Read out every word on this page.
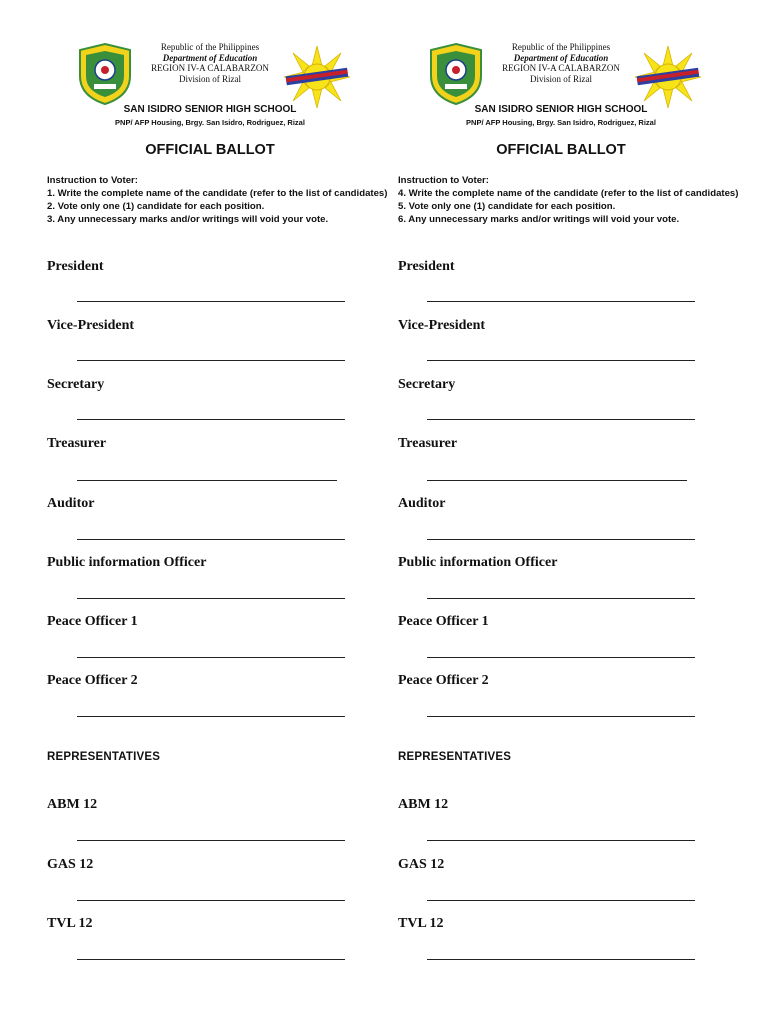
Republic of the Philippines
Department of Education
REGION IV-A CALABARZON
Division of Rizal
SAN ISIDRO SENIOR HIGH SCHOOL
PNP/ AFP Housing, Brgy. San Isidro, Rodriguez, Rizal
OFFICIAL BALLOT
Instruction to Voter:
1. Write the complete name of the candidate (refer to the list of candidates)
2. Vote only one (1) candidate for each position.
3. Any unnecessary marks and/or writings will void your vote.
President
Vice-President
Secretary
Treasurer
Auditor
Public information Officer
Peace Officer 1
Peace Officer 2
REPRESENTATIVES
ABM 12
GAS 12
TVL 12
Republic of the Philippines
Department of Education
REGION IV-A CALABARZON
Division of Rizal
SAN ISIDRO SENIOR HIGH SCHOOL
PNP/ AFP Housing, Brgy. San Isidro, Rodriguez, Rizal
OFFICIAL BALLOT
Instruction to Voter:
4. Write the complete name of the candidate (refer to the list of candidates)
5. Vote only one (1) candidate for each position.
6. Any unnecessary marks and/or writings will void your vote.
President
Vice-President
Secretary
Treasurer
Auditor
Public information Officer
Peace Officer 1
Peace Officer 2
REPRESENTATIVES
ABM 12
GAS 12
TVL 12
